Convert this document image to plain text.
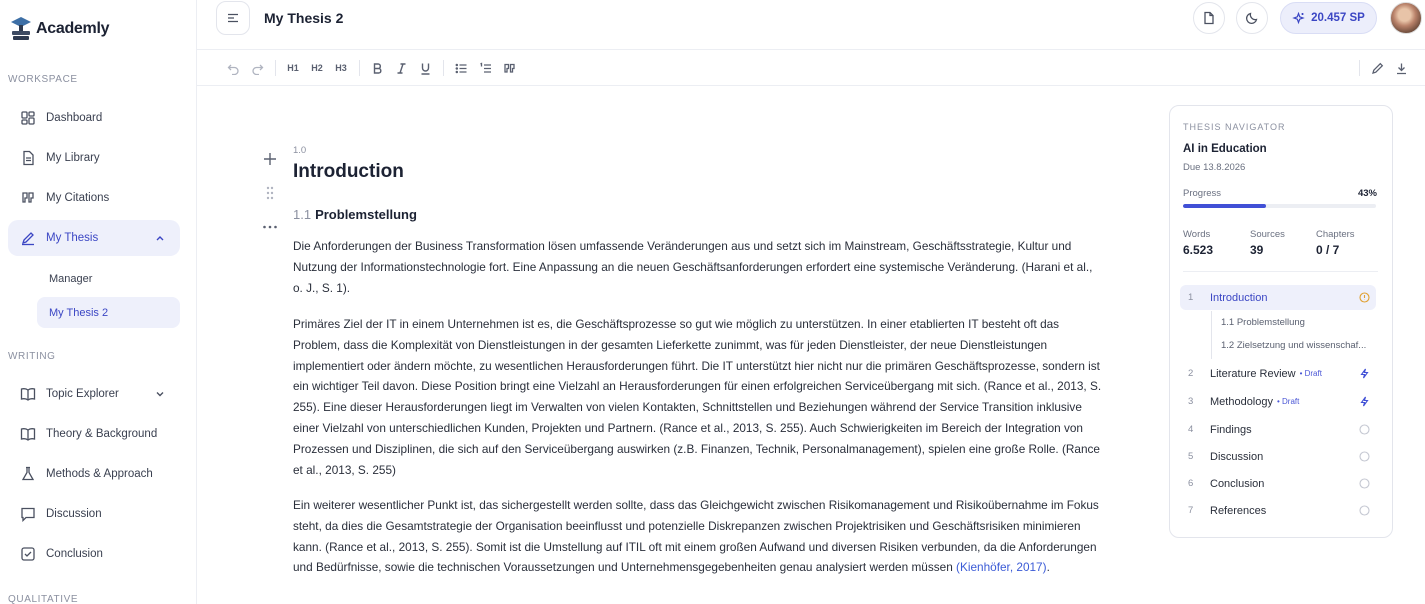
Academly
WORKSPACE
Dashboard
My Library
My Citations
My Thesis
Manager
My Thesis 2
WRITING
Topic Explorer
Theory & Background
Methods & Approach
Discussion
Conclusion
QUALITATIVE
My Thesis 2	20.457 SP
H1 H2 H3
1.0
Introduction
1.1 Problemstellung

Die Anforderungen der Business Transformation lösen umfassende Veränderungen aus und setzt sich im Mainstream, Geschäftsstrategie, Kultur und Nutzung der Informationstechnologie fort. Eine Anpassung an die neuen Geschäftsanforderungen erfordert eine systemische Veränderung. (Harani et al., o. J., S. 1).

Primäres Ziel der IT in einem Unternehmen ist es, die Geschäftsprozesse so gut wie möglich zu unterstützen. In einer etablierten IT besteht oft das Problem, dass die Komplexität von Dienstleistungen in der gesamten Lieferkette zunimmt, was für jeden Dienstleister, der neue Dienstleistungen implementiert oder ändern möchte, zu wesentlichen Herausforderungen führt. Die IT unterstützt hier nicht nur die primären Geschäftsprozesse, sondern ist ein wichtiger Teil davon. Diese Position bringt eine Vielzahl an Herausforderungen für einen erfolgreichen Serviceübergang mit sich. (Rance et al., 2013, S. 255). Eine dieser Herausforderungen liegt im Verwalten von vielen Kontakten, Schnittstellen und Beziehungen während der Service Transition inklusive einer Vielzahl von unterschiedlichen Kunden, Projekten und Partnern. (Rance et al., 2013, S. 255). Auch Schwierigkeiten im Bereich der Integration von Prozessen und Disziplinen, die sich auf den Serviceübergang auswirken (z.B. Finanzen, Technik, Personalmanagement), spielen eine große Rolle. (Rance et al., 2013, S. 255)

Ein weiterer wesentlicher Punkt ist, das sichergestellt werden sollte, dass das Gleichgewicht zwischen Risikomanagement und Risikoübernahme im Fokus steht, da dies die Gesamtstrategie der Organisation beeinflusst und potenzielle Diskrepanzen zwischen Projektrisiken und Geschäftsrisiken minimieren kann. (Rance et al., 2013, S. 255). Somit ist die Umstellung auf ITIL oft mit einem großen Aufwand und diversen Risiken verbunden, da die Anforderungen und Bedürfnisse, sowie die technischen Voraussetzungen und Unternehmensgegebenheiten genau analysiert werden müssen (Kienhöfer, 2017).

THESIS NAVIGATOR
AI in Education
Due 13.8.2026
Progress	43%
Words
6.523
Sources
39
Chapters
0 / 7
1	Introduction
1.1 Problemstellung
1.2 Zielsetzung und wissenschaf...
2	Literature Review • Draft
3	Methodology • Draft
4	Findings
5	Discussion
6	Conclusion
7	References
